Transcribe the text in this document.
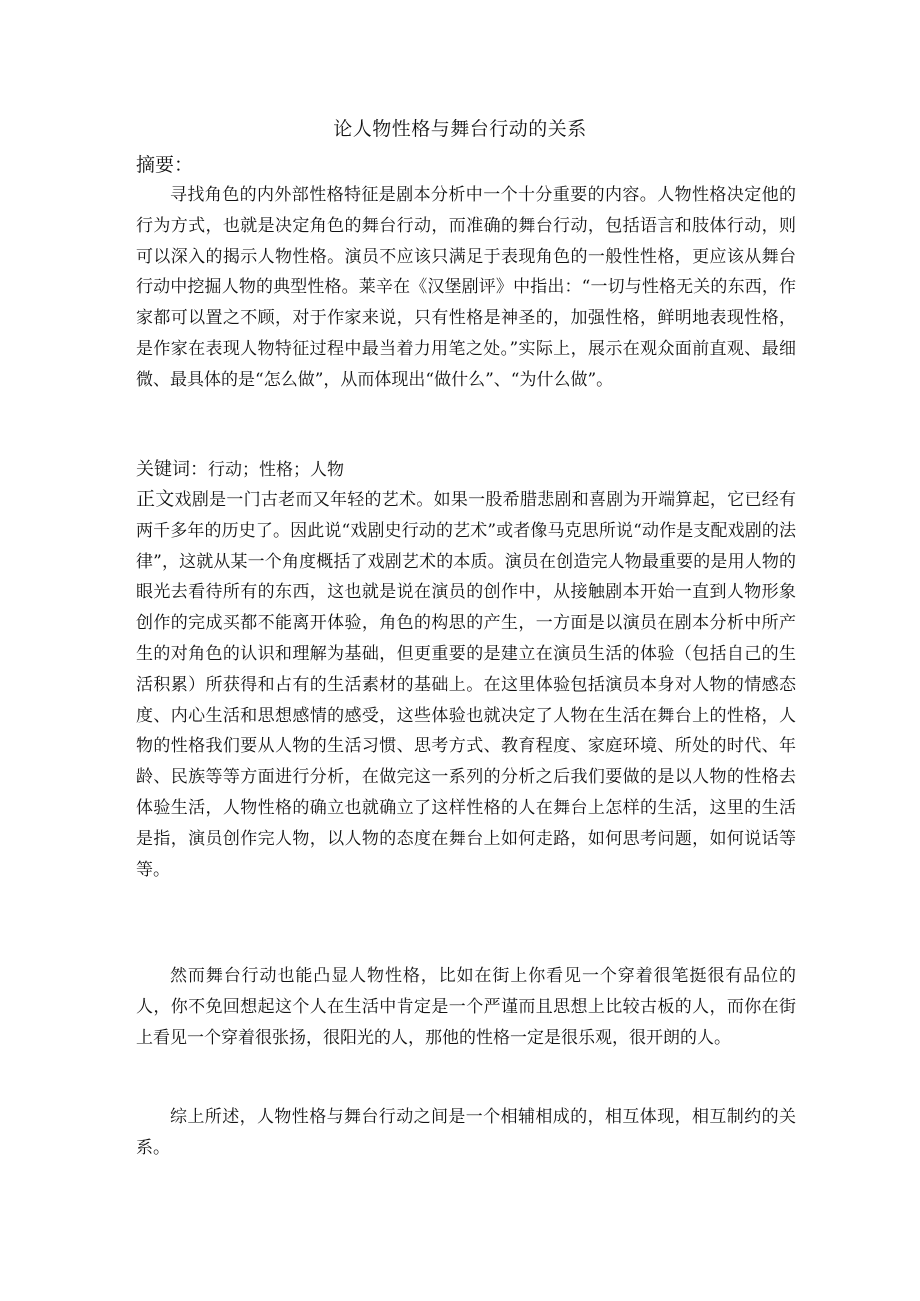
论人物性格与舞台行动的关系
摘要：

寻找角色的内外部性格特征是剧本分析中一个十分重要的内容。人物性格决定他的行为方式，也就是决定角色的舞台行动，而准确的舞台行动，包括语言和肢体行动，则可以深入的揭示人物性格。演员不应该只满足于表现角色的一般性性格，更应该从舞台行动中挖掘人物的典型性格。莱辛在《汉堡剧评》中指出：“一切与性格无关的东西，作家都可以置之不顾，对于作家来说，只有性格是神圣的，加强性格，鲜明地表现性格，是作家在表现人物特征过程中最当着力用笔之处。”实际上，展示在观众面前直观、最细微、最具体的是“怎么做”，从而体现出“做什么”、“为什么做”。

关键词：行动；性格；人物

正文戏剧是一门古老而又年轻的艺术。如果一股希腊悲剧和喜剧为开端算起，它已经有两千多年的历史了。因此说“戏剧史行动的艺术”或者像马克思所说“动作是支配戏剧的法律”，这就从某一个角度概括了戏剧艺术的本质。演员在创造完人物最重要的是用人物的眼光去看待所有的东西，这也就是说在演员的创作中，从接触剧本开始一直到人物形象创作的完成买都不能离开体验，角色的构思的产生，一方面是以演员在剧本分析中所产生的对角色的认识和理解为基础，但更重要的是建立在演员生活的体验（包括自己的生活积累）所获得和占有的生活素材的基础上。在这里体验包括演员本身对人物的情感态度、内心生活和思想感情的感受，这些体验也就决定了人物在生活在舞台上的性格，人物的性格我们要从人物的生活习惯、思考方式、教育程度、家庭环境、所处的时代、年龄、民族等等方面进行分析，在做完这一系列的分析之后我们要做的是以人物的性格去体验生活，人物性格的确立也就确立了这样性格的人在舞台上怎样的生活，这里的生活是指，演员创作完人物，以人物的态度在舞台上如何走路，如何思考问题，如何说话等等。

然而舞台行动也能凸显人物性格，比如在街上你看见一个穿着很笔挺很有品位的人，你不免回想起这个人在生活中肯定是一个严谨而且思想上比较古板的人，而你在街上看见一个穿着很张扬，很阳光的人，那他的性格一定是很乐观，很开朗的人。

综上所述，人物性格与舞台行动之间是一个相辅相成的，相互体现，相互制约的关系。
